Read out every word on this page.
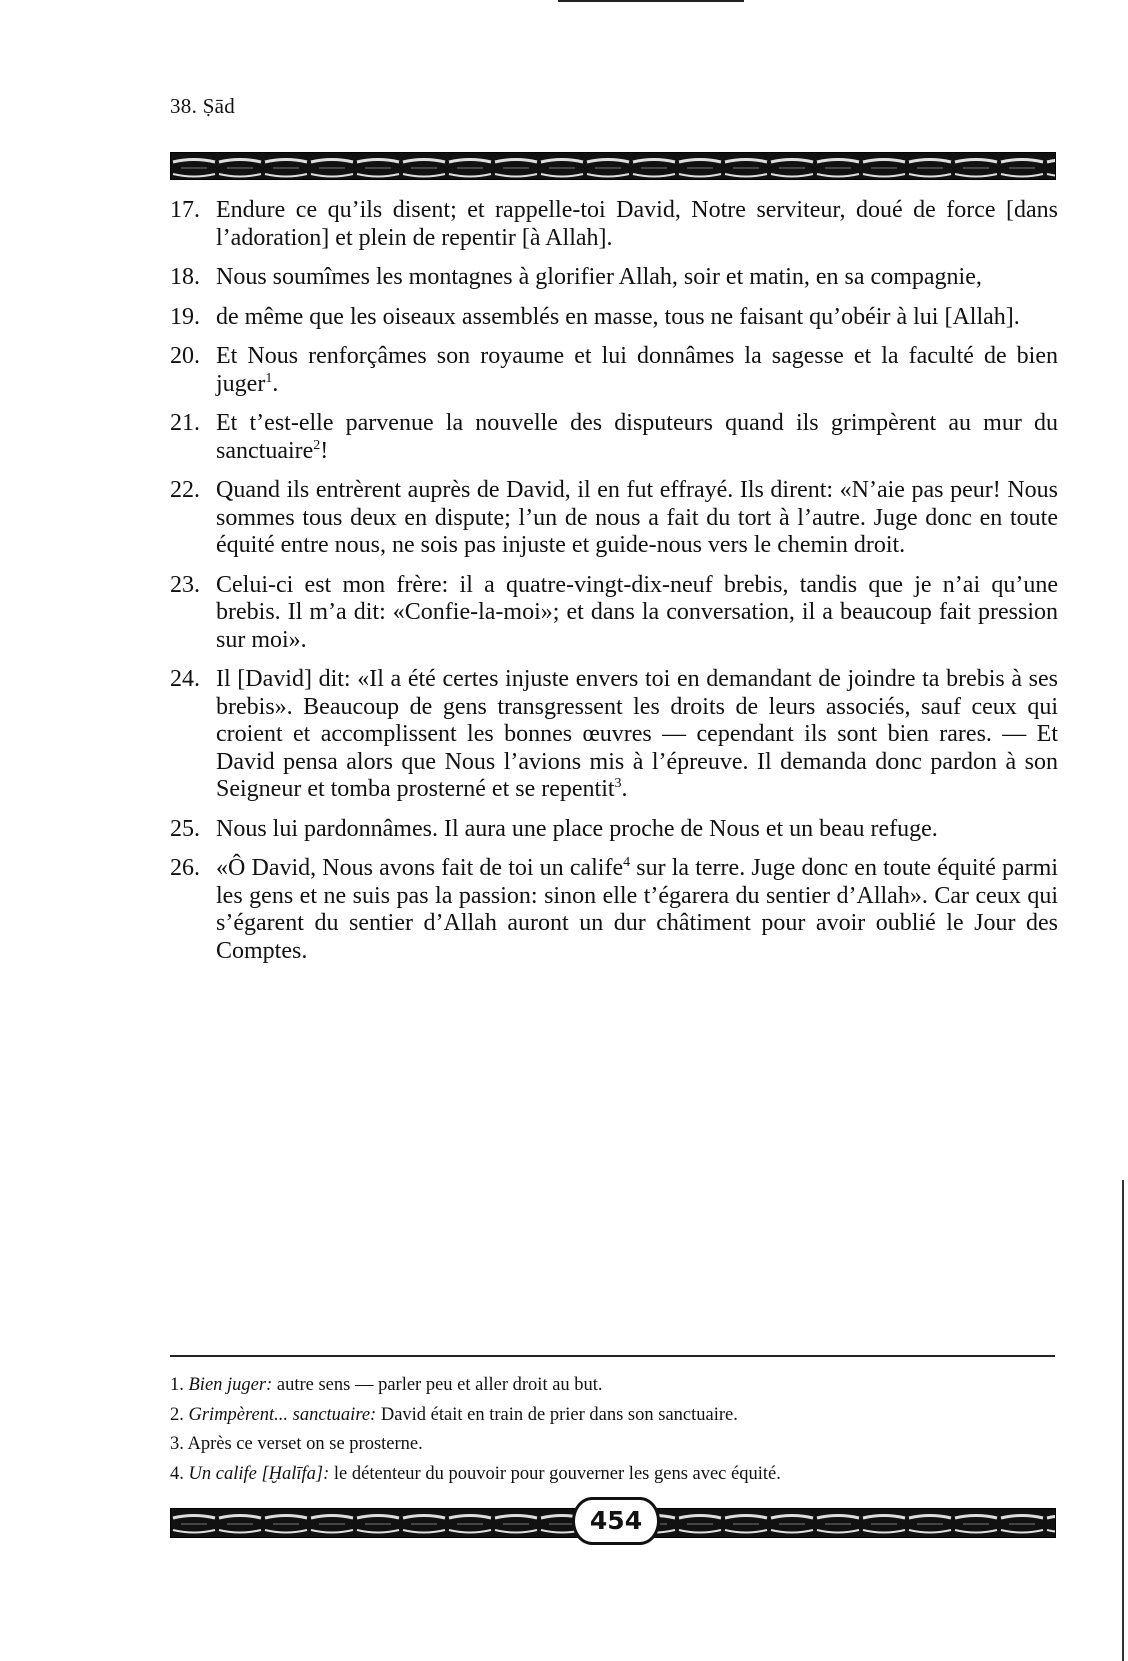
38. Ṣād
17. Endure ce qu’ils disent; et rappelle-toi David, Notre serviteur, doué de force [dans l’adoration] et plein de repentir [à Allah].
18. Nous soumîmes les montagnes à glorifier Allah, soir et matin, en sa compagnie,
19. de même que les oiseaux assemblés en masse, tous ne faisant qu’obéir à lui [Allah].
20. Et Nous renforçâmes son royaume et lui donnâmes la sagesse et la faculté de bien juger$^1$.
21. Et t’est-elle parvenue la nouvelle des disputeurs quand ils grimpèrent au mur du sanctuaire$^2$!
22. Quand ils entrèrent auprès de David, il en fut effrayé. Ils dirent: «N’aie pas peur! Nous sommes tous deux en dispute; l’un de nous a fait du tort à l’autre. Juge donc en toute équité entre nous, ne sois pas injuste et guide-nous vers le chemin droit.
23. Celui-ci est mon frère: il a quatre-vingt-dix-neuf brebis, tandis que je n’ai qu’une brebis. Il m’a dit: «Confie-la-moi»; et dans la conversation, il a beaucoup fait pression sur moi».
24. Il [David] dit: «Il a été certes injuste envers toi en demandant de joindre ta brebis à ses brebis». Beaucoup de gens transgressent les droits de leurs associés, sauf ceux qui croient et accomplissent les bonnes œuvres — cependant ils sont bien rares. — Et David pensa alors que Nous l’avions mis à l’épreuve. Il demanda donc pardon à son Seigneur et tomba prosterné et se repentit$^3$.
25. Nous lui pardonnâmes. Il aura une place proche de Nous et un beau refuge.
26. «Ô David, Nous avons fait de toi un calife$^4$ sur la terre. Juge donc en toute équité parmi les gens et ne suis pas la passion: sinon elle t’égarera du sentier d’Allah». Car ceux qui s’égarent du sentier d’Allah auront un dur châtiment pour avoir oublié le Jour des Comptes.
1. Bien juger: autre sens — parler peu et aller droit au but.
2. Grimpèrent... sanctuaire: David était en train de prier dans son sanctuaire.
3. Après ce verset on se prosterne.
4. Un calife [Ḫalīfa]: le détenteur du pouvoir pour gouverner les gens avec équité.
454
